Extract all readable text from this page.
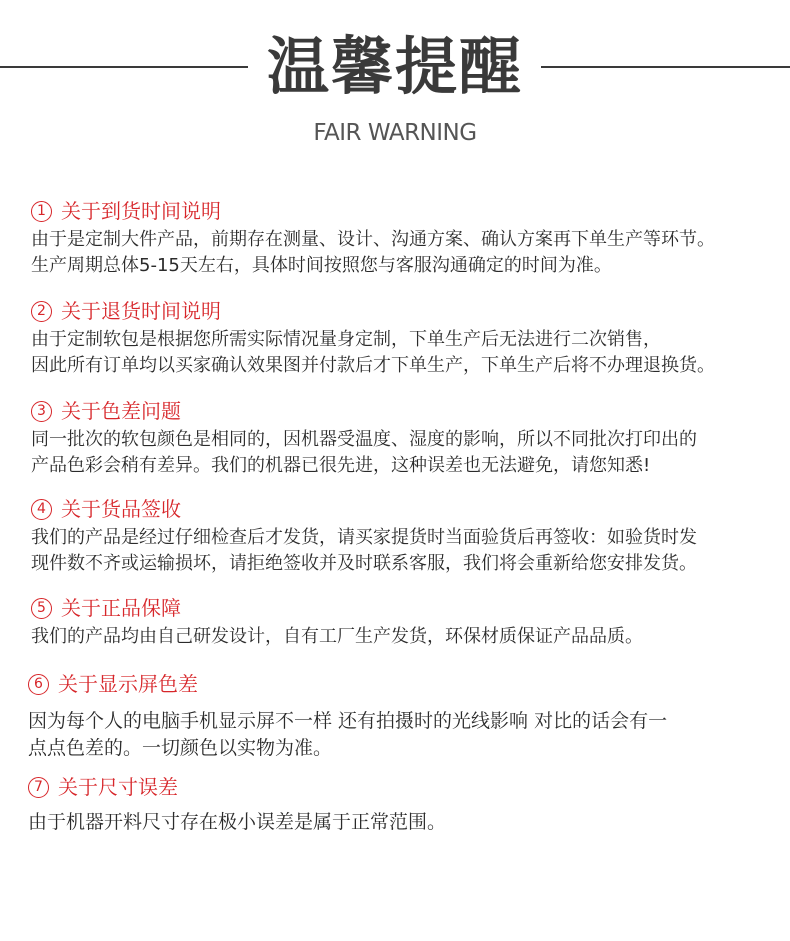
温馨提醒
FAIR WARNING
1 关于到货时间说明

由于是定制大件产品，前期存在测量、设计、沟通方案、确认方案再下单生产等环节。

生产周期总体5-15天左右，具体时间按照您与客服沟通确定的时间为准。

2 关于退货时间说明

由于定制软包是根据您所需实际情况量身定制，下单生产后无法进行二次销售，

因此所有订单均以买家确认效果图并付款后才下单生产，下单生产后将不办理退换货。

3 关于色差问题

同一批次的软包颜色是相同的，因机器受温度、湿度的影响，所以不同批次打印出的

产品色彩会稍有差异。我们的机器已很先进，这种误差也无法避免，请您知悉!

4 关于货品签收

我们的产品是经过仔细检查后才发货，请买家提货时当面验货后再签收：如验货时发

现件数不齐或运输损坏，请拒绝签收并及时联系客服，我们将会重新给您安排发货。

5 关于正品保障

我们的产品均由自己研发设计，自有工厂生产发货，环保材质保证产品品质。

6 关于显示屏色差

因为每个人的电脑手机显示屏不一样 还有拍摄时的光线影响 对比的话会有一

点点色差的。一切颜色以实物为准。

7 关于尺寸误差

由于机器开料尺寸存在极小误差是属于正常范围。
